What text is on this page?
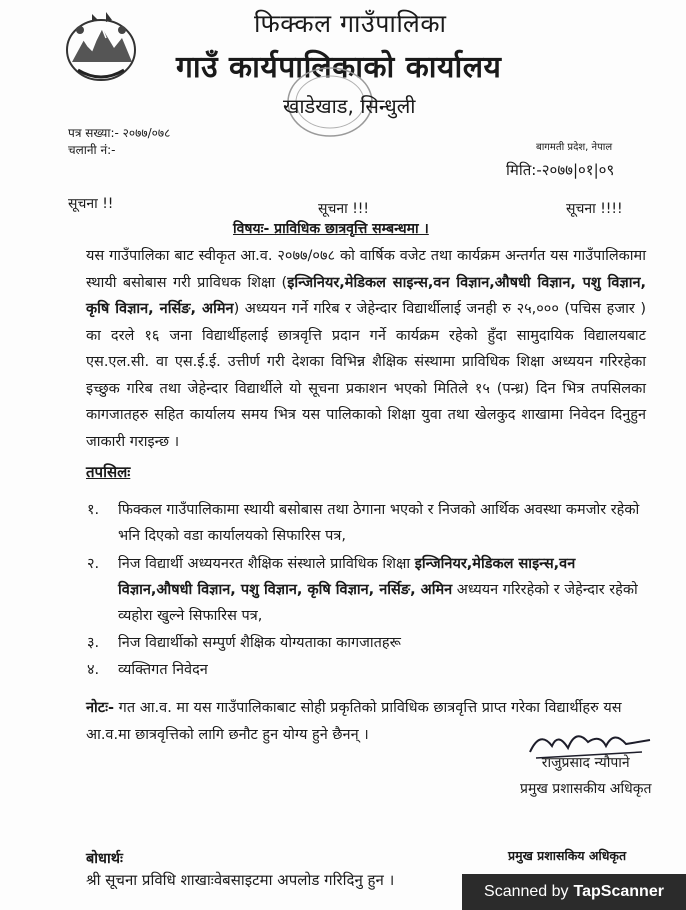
फिक्कल गाउँपालिका
गाउँ कार्यपालिकाको कार्यालय
खाडेखाड, सिन्धुली
पत्र सख्या:- २०७७/०७८
चलानी नं:-	बागमती प्रदेश, नेपाल
मिति:-२०७७|०१|०९
सूचना !!	सूचना !!!	सूचना !!!!
विषयः- प्राविधिक छात्रवृत्ति सम्बन्धमा ।
यस गाउँपालिका बाट स्वीकृत आ.व. २०७७/०७८ को वार्षिक वजेट तथा कार्यक्रम अन्तर्गत यस गाउँपालिकामा स्थायी बसोबास गरी प्राविधक शिक्षा (इन्जिनियर,मेडिकल साइन्स,वन विज्ञान,औषधी विज्ञान, पशु विज्ञान, कृषि विज्ञान, नर्सिङ, अमिन) अध्ययन गर्ने गरिब र जेहेन्दार विद्यार्थीलाई जनही रु २५,००० (पचिस हजार ) का दरले १६ जना विद्यार्थीहलाई छात्रवृत्ति प्रदान गर्ने कार्यक्रम रहेको हुँदा सामुदायिक विद्यालयबाट एस.एल.सी. वा एस.ई.ई. उत्तीर्ण गरी देशका विभिन्न शैक्षिक संस्थामा प्राविधिक शिक्षा अध्ययन गरिरहेका इच्छुक गरिब तथा जेहेन्दार विद्यार्थीले यो सूचना प्रकाशन भएको मितिले १५ (पन्ध्र) दिन भित्र तपसिलका कागजातहरु सहित कार्यालय समय भित्र यस पालिकाको शिक्षा युवा तथा खेलकुद शाखामा निवेदन दिनुहुन जाकारी गराइन्छ ।
तपसिलः
१. फिक्कल गाउँपालिकामा स्थायी बसोबास तथा ठेगाना भएको र निजको आर्थिक अवस्था कमजोर रहेको भनि दिएको वडा कार्यालयको सिफारिस पत्र,
२. निज विद्यार्थी अध्ययनरत शैक्षिक संस्थाले प्राविधिक शिक्षा इन्जिनियर,मेडिकल साइन्स,वन विज्ञान,औषधी विज्ञान, पशु विज्ञान, कृषि विज्ञान, नर्सिङ, अमिन अध्ययन गरिरहेको र जेहेन्दार रहेको व्यहोरा खुल्ने सिफारिस पत्र,
३. निज विद्यार्थीको सम्पुर्ण शैक्षिक योग्यताका कागजातहरू
४. व्यक्तिगत निवेदन
नोटः- गत आ.व. मा यस गाउँपालिकाबाट सोही प्रकृतिको प्राविधिक छात्रवृत्ति प्राप्त गरेका विद्यार्थीहरु यस आ.व.मा छात्रवृत्तिको लागि छनौट हुन योग्य हुने छैनन् ।
राजुप्रसाद न्यौपाने
प्रमुख प्रशासकीय अधिकृत
बोधार्थः	प्रमुख प्रशासकिय अधिकृत
श्री सूचना प्रविधि शाखाःवेबसाइटमा अपलोड गरिदिनु हुन ।
Scanned by TapScanner
